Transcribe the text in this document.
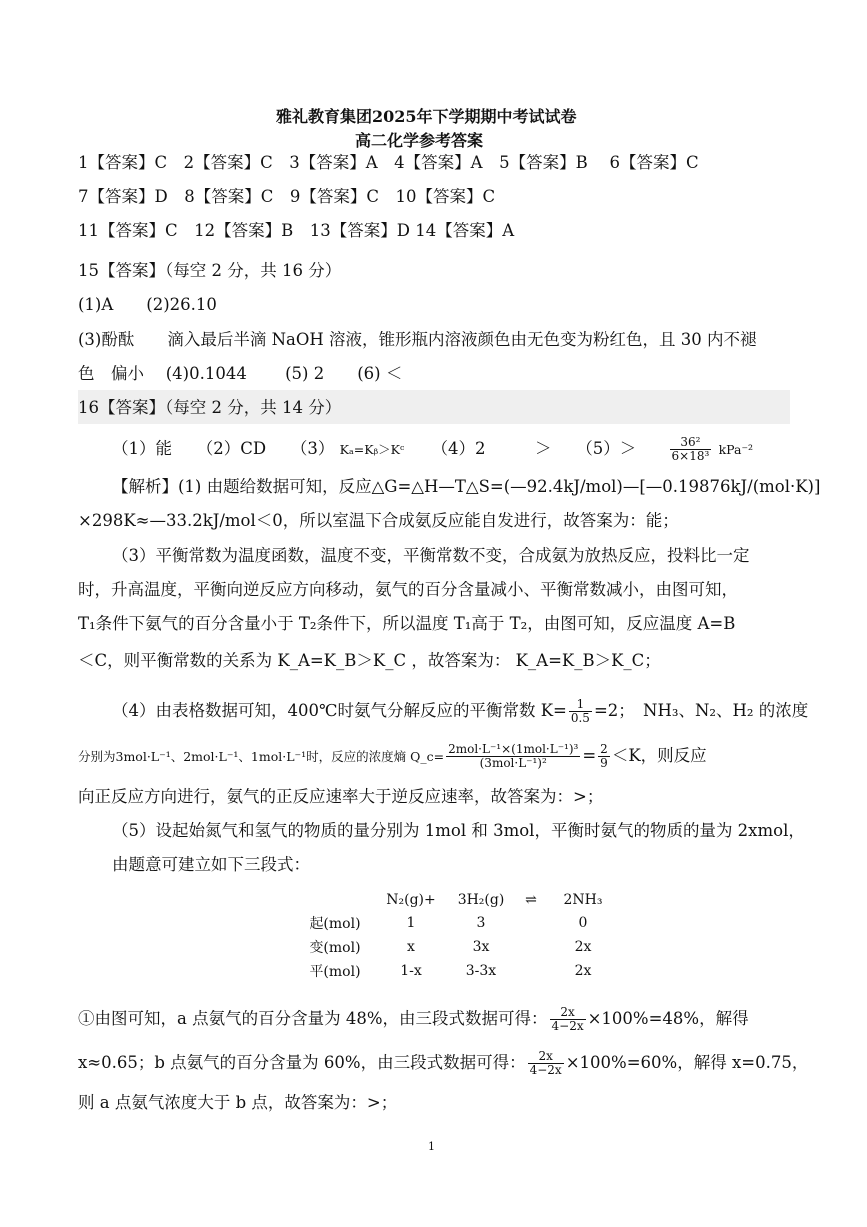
雅礼教育集团2025年下学期期中考试试卷
高二化学参考答案
1【答案】C　2【答案】C　3【答案】A　4【答案】A　5【答案】B　 6【答案】C
7【答案】D　8【答案】C　9【答案】C　10【答案】C
11【答案】C　12【答案】B　13【答案】D 14【答案】A
15【答案】（每空 2 分，共 16 分）
(1)A　　(2)26.10
(3)酚酞　　滴入最后半滴 NaOH 溶液，锥形瓶内溶液颜色由无色变为粉红色，且 30 内不褪
色　偏小　 (4)0.1044　　 (5) 2　　(6) ＜
16【答案】（每空 2 分，共 14 分）
（1）能　　（2）CD　　（3） Kₐ=Kᵦ＞Kᶜ （4）2　　　＞　　（5）＞	$\frac{\text{36²}}{\text{6×18³}} kPa^{-2}$
【解析】(1) 由题给数据可知，反应△G=△H—T△S=(—92.4kJ/mol)—[—0.19876kJ/(mol·K)]
×298K≈—33.2kJ/mol＜0，所以室温下合成氨反应能自发进行，故答案为：能；
（3）平衡常数为温度函数，温度不变，平衡常数不变，合成氨为放热反应，投料比一定
时，升高温度，平衡向逆反应方向移动，氨气的百分含量减小、平衡常数减小，由图可知，
T₁条件下氨气的百分含量小于 T₂条件下，所以温度 T₁高于 T₂，由图可知，反应温度 A=B
＜C，则平衡常数的关系为 K_A=K_B＞K_C ，故答案为： K_A=K_B＞K_C；
（4）由表格数据可知，400℃时氨气分解反应的平衡常数 $K= \frac{1}{0.5} =2$；　NH₃、N₂、H₂ 的浓度
分别为3mol·L⁻¹、2mol·L⁻¹、1mol·L⁻¹时，反应的浓度熵 Q_c= $\frac{\text{2mol·L⁻¹×(1mol·L⁻¹)³}}{\text{(3mol·L⁻¹)²}} = \frac{2}{9} <K$，则反应
向正反应方向进行，氨气的正反应速率大于逆反应速率，故答案为：>；
（5）设起始氮气和氢气的物质的量分别为 1mol 和 3mol，平衡时氨气的物质的量为 2xmol，
由题意可建立如下三段式：
	N₂(g)+	3H₂(g)	⇌	2NH₃
起(mol)	1	3		0
变(mol)	x	3x		2x
平(mol)	1-x	3-3x		2x
①由图可知，a 点氨气的百分含量为 48%，由三段式数据可得： $\frac{2x}{4-2x} \times 100\%=48\%$，解得
x≈0.65；b 点氨气的百分含量为 60%，由三段式数据可得： $\frac{2x}{4-2x} \times 100\%=60\%$，解得 x=0.75，
则 a 点氨气浓度大于 b 点，故答案为：>；
1
